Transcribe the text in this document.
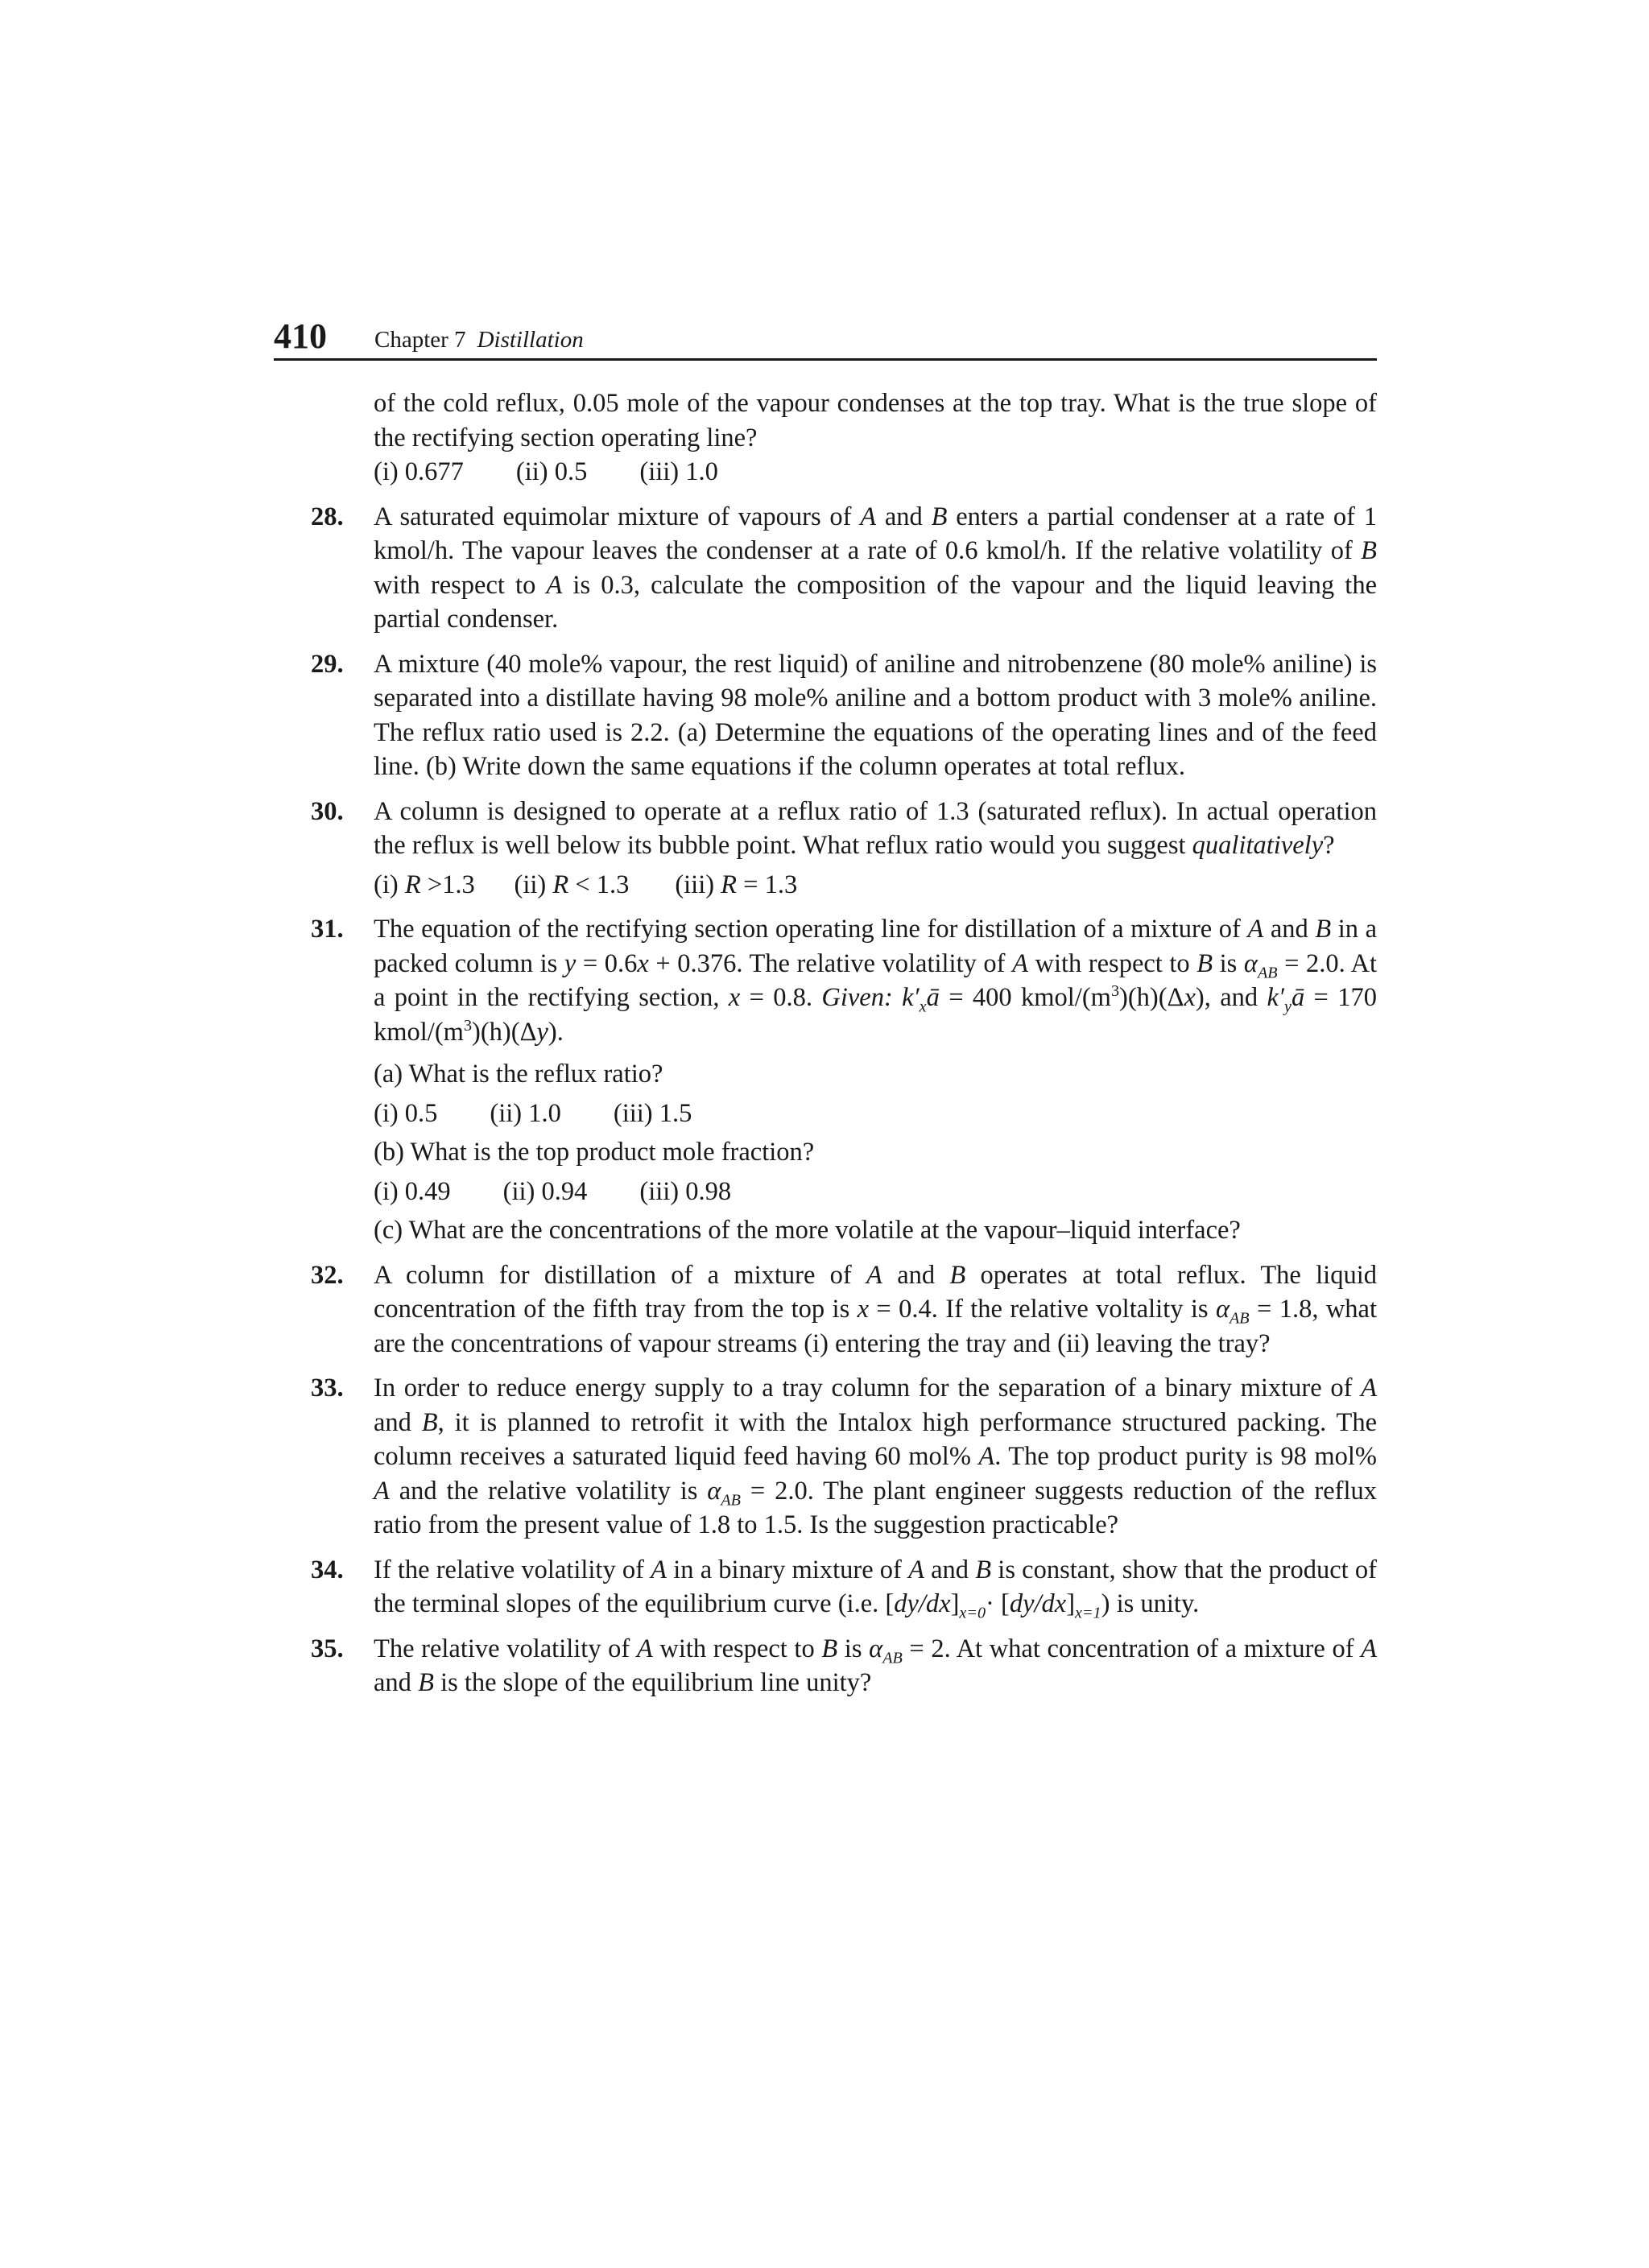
410 Chapter 7 Distillation
of the cold reflux, 0.05 mole of the vapour condenses at the top tray. What is the true slope of the rectifying section operating line?
(i) 0.677        (ii) 0.5        (iii) 1.0
28. A saturated equimolar mixture of vapours of A and B enters a partial condenser at a rate of 1 kmol/h. The vapour leaves the condenser at a rate of 0.6 kmol/h. If the relative volatility of B with respect to A is 0.3, calculate the composition of the vapour and the liquid leaving the partial condenser.
29. A mixture (40 mole% vapour, the rest liquid) of aniline and nitrobenzene (80 mole% aniline) is separated into a distillate having 98 mole% aniline and a bottom product with 3 mole% aniline. The reflux ratio used is 2.2. (a) Determine the equations of the operating lines and of the feed line. (b) Write down the same equations if the column operates at total reflux.
30. A column is designed to operate at a reflux ratio of 1.3 (saturated reflux). In actual operation the reflux is well below its bubble point. What reflux ratio would you suggest qualitatively?
(i) R >1.3 (ii) R < 1.3 (iii) R = 1.3
31. The equation of the rectifying section operating line for distillation of a mixture of A and B in a packed column is y = 0.6x + 0.376. The relative volatility of A with respect to B is $\alpha_{AB} = 2.0$. At a point in the rectifying section, x = 0.8. Given: $k'_xā = 400$ kmol/$(m^3)(h)(\Delta x)$, and $k'_yā = 170$ kmol/$(m^3)(h)(\Delta y)$.
(a) What is the reflux ratio?
(i) 0.5        (ii) 1.0        (iii) 1.5
(b) What is the top product mole fraction?
(i) 0.49        (ii) 0.94        (iii) 0.98
(c) What are the concentrations of the more volatile at the vapour–liquid interface?
32. A column for distillation of a mixture of A and B operates at total reflux. The liquid concentration of the fifth tray from the top is x = 0.4. If the relative voltality is $\alpha_{AB} = 1.8$, what are the concentrations of vapour streams (i) entering the tray and (ii) leaving the tray?
33. In order to reduce energy supply to a tray column for the separation of a binary mixture of A and B, it is planned to retrofit it with the Intalox high performance structured packing. The column receives a saturated liquid feed having 60 mol% A. The top product purity is 98 mol% A and the relative volatility is $\alpha_{AB} = 2.0$. The plant engineer suggests reduction of the reflux ratio from the present value of 1.8 to 1.5. Is the suggestion practicable?
34. If the relative volatility of A in a binary mixture of A and B is constant, show that the product of the terminal slopes of the equilibrium curve (i.e. $[dy/dx]_{x=0}\cdot [dy/dx]_{x=1}$) is unity.
35. The relative volatility of A with respect to B is $\alpha_{AB} = 2$. At what concentration of a mixture of A and B is the slope of the equilibrium line unity?
